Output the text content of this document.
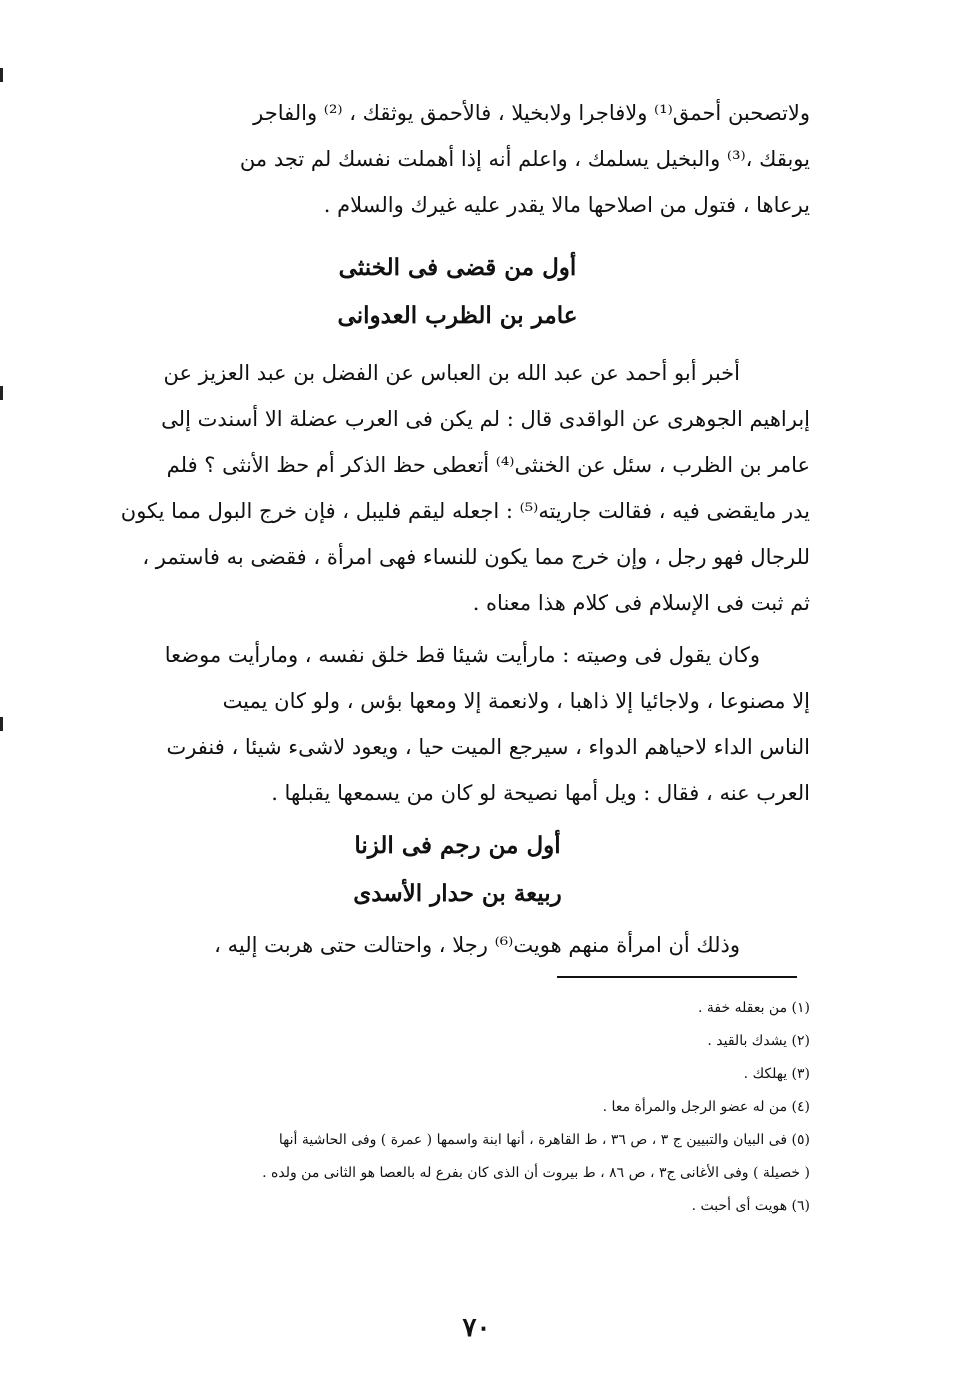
ولاتصحبن أحمق⁽¹⁾ ولافاجرا ولابخيلا ، فالأحمق يوثقك ، ⁽²⁾ والفاجر

يوبقك ،⁽³⁾ والبخيل يسلمك ، واعلم أنه إذا أهملت نفسك لم تجد من

يرعاها ، فتول من اصلاحها مالا يقدر عليه غيرك والسلام .

أول من قضى فى الخنثى
عامر بن الظرب العدوانى

أخبر أبو أحمد عن عبد الله بن العباس عن الفضل بن عبد العزيز عن

إبراهيم الجوهرى عن الواقدى قال : لم يكن فى العرب عضلة الا أسندت إلى

عامر بن الظرب ، سئل عن الخنثى⁽⁴⁾ أتعطى حظ الذكر أم حظ الأنثى ؟ فلم

يدر مايقضى فيه ، فقالت جاريته⁽⁵⁾ : اجعله ليقم فليبل ، فإن خرج البول مما يكون

للرجال فهو رجل ، وإن خرج مما يكون للنساء فهى امرأة ، فقضى به فاستمر ،

ثم ثبت فى الإسلام فى كلام هذا معناه .

وكان يقول فى وصيته : مارأيت شيئا قط خلق نفسه ، ومارأيت موضعا

إلا مصنوعا ، ولاجائيا إلا ذاهبا ، ولانعمة إلا ومعها بؤس ، ولو كان يميت

الناس الداء لاحياهم الدواء ، سيرجع الميت حيا ، ويعود لاشىء شيئا ، فنفرت

العرب عنه ، فقال : ويل أمها نصيحة لو كان من يسمعها يقبلها .

أول من رجم فى الزنا
ربيعة بن حدار الأسدى

وذلك أن امرأة منهم هويت⁽⁶⁾ رجلا ، واحتالت حتى هربت إليه ،

(١) من بعقله خفة .
(٢) يشدك بالقيد .
(٣) يهلكك .
(٤) من له عضو الرجل والمرأة معا .
(٥) فى البيان والتبيين ج ٣ ، ص ٣٦ ، ط القاهرة ، أنها ابنة واسمها ( عمرة ) وفى الحاشية أنها
( خصيلة ) وفى الأغانى ج٣ ، ص ٨٦ ، ط بيروت أن الذى كان بفرع له بالعصا هو الثانى من ولده .
(٦) هويت أى أحبت .
٧٠
